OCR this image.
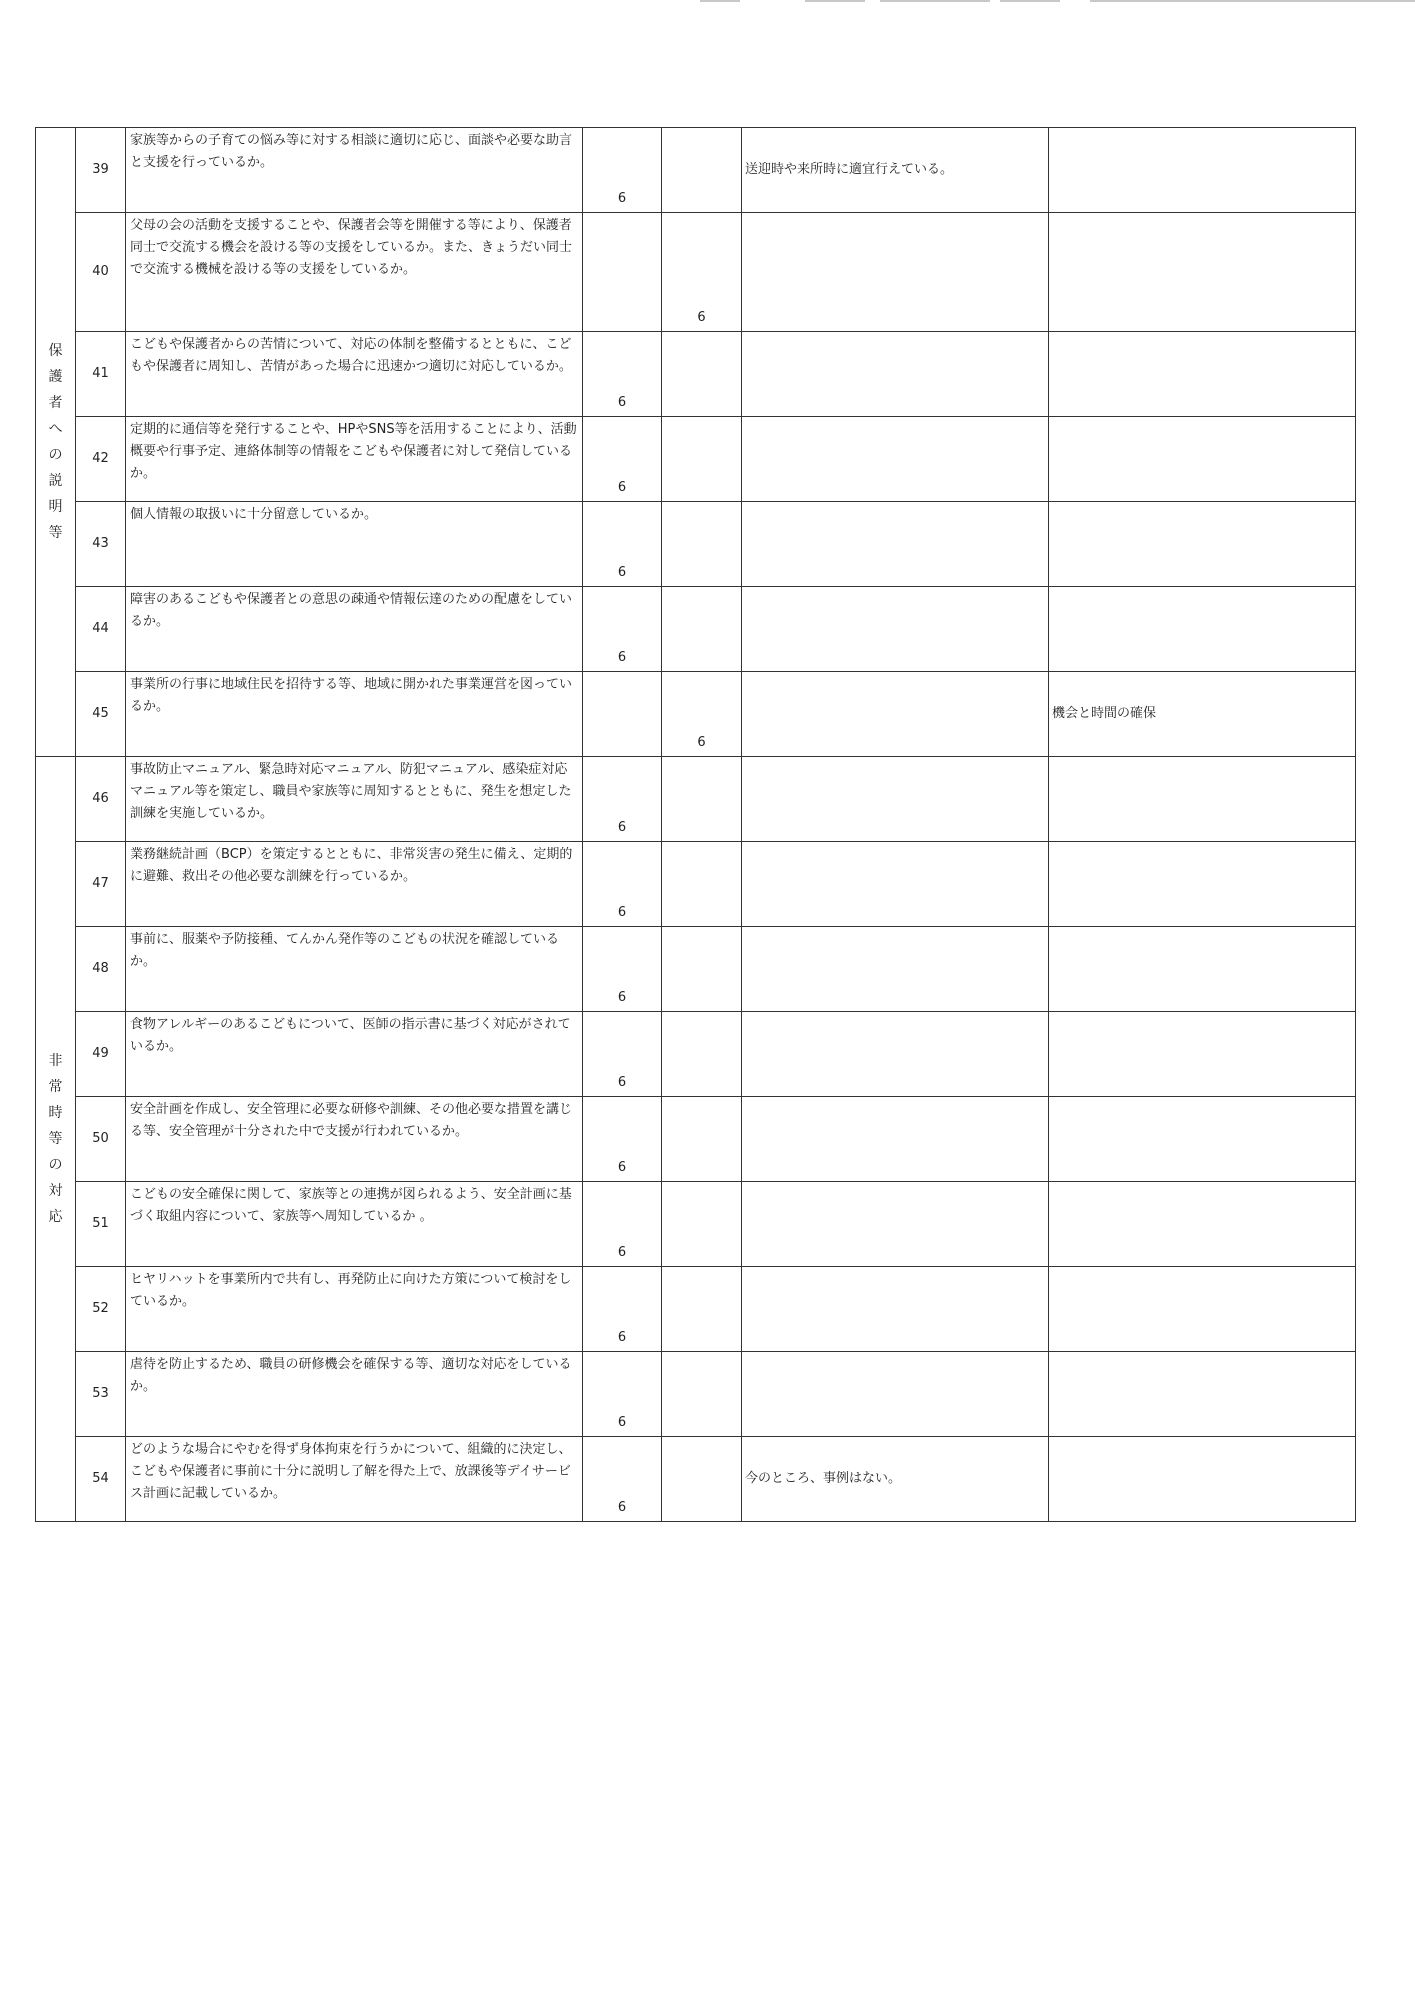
保護者への説明等	39	家族等からの子育ての悩み等に対する相談に適切に応じ、面談や必要な助言と支援を行っているか。	6		送迎時や来所時に適宜行えている。	
	40	父母の会の活動を支援することや、保護者会等を開催する等により、保護者同士で交流する機会を設ける等の支援をしているか。また、きょうだい同士で交流する機械を設ける等の支援をしているか。		6		

	41	こどもや保護者からの苦情について、対応の体制を整備するとともに、こどもや保護者に周知し、苦情があった場合に迅速かつ適切に対応しているか。	6			

	42	定期的に通信等を発行することや、HPやSNS等を活用することにより、活動概要や行事予定、連絡体制等の情報をこどもや保護者に対して発信しているか。	6			

	43	個人情報の取扱いに十分留意しているか。	6			

	44	障害のあるこどもや保護者との意思の疎通や情報伝達のための配慮をしているか。	6			

	45	事業所の行事に地域住民を招待する等、地域に開かれた事業運営を図っているか。		6		機会と時間の確保
非常時等の対応	46	事故防止マニュアル、緊急時対応マニュアル、防犯マニュアル、感染症対応マニュアル等を策定し、職員や家族等に周知するとともに、発生を想定した訓練を実施しているか。	6			

	47	業務継続計画（BCP）を策定するとともに、非常災害の発生に備え、定期的に避難、救出その他必要な訓練を行っているか。	6			

	48	事前に、服薬や予防接種、てんかん発作等のこどもの状況を確認しているか。	6			

	49	食物アレルギーのあるこどもについて、医師の指示書に基づく対応がされているか。	6			

	50	安全計画を作成し、安全管理に必要な研修や訓練、その他必要な措置を講じる等、安全管理が十分された中で支援が行われているか。	6			

	51	こどもの安全確保に関して、家族等との連携が図られるよう、安全計画に基づく取組内容について、家族等へ周知しているか 。	6			

	52	ヒヤリハットを事業所内で共有し、再発防止に向けた方策について検討をしているか。	6			

	53	虐待を防止するため、職員の研修機会を確保する等、適切な対応をしているか。	6			

	54	どのような場合にやむを得ず身体拘束を行うかについて、組織的に決定し、こどもや保護者に事前に十分に説明し了解を得た上で、放課後等デイサービス計画に記載しているか。	6		今のところ、事例はない。	
